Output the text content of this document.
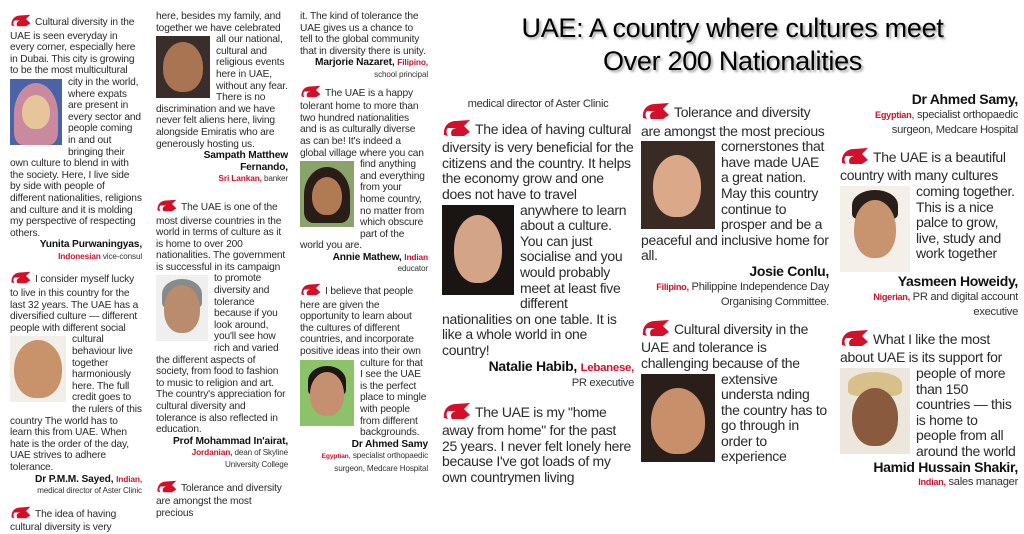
UAE: A country where cultures meet
Over 200 Nationalities
Cultural diversity in the UAE is seen everyday in every corner, especially here in Dubai. This city is growing to be the most multicultural city in the world, where expats are present in every sector and people coming in and out bringing their own culture to blend in with the society. Here, I live side by side with people of different nationalities, religions and culture and it is molding my perspective of respecting others.
Yunita Purwaningyas,
Indonesian vice-consul
I consider myself lucky to live in this country for the last 32 years. The UAE has a diversified culture — different people with different social cultural
behaviour live together harmoniously here. The full credit goes to the rulers of this country The world has to learn this from UAE. When hate is the order of the day, UAE strives to adhere tolerance.
Dr P.M.M. Sayed, Indian,
medical director of Aster Clinic
The idea of having cultural diversity is very
here, besides my family, and together we have celebrated all our national, cultural and religious events here in UAE, without any fear. There is no discrimination and we have never felt aliens here, living alongside Emiratis who are generously hosting us.
Sampath Matthew Fernando,
Sri Lankan, banker
The UAE is one of the most diverse countries in the world in terms of culture as it is home to over 200 nationalities. The government is successful in its campaign to promote
diversity and tolerance because if you look around, you'll see how rich and varied the different aspects of society, from food to fashion to music to religion and art. The country's appreciation for cultural diversity and tolerance is also reflected in education.
Prof Mohammad In'airat,
Jordanian, dean of Skyline University College
Tolerance and diversity are amongst the most precious
it. The kind of tolerance the UAE gives us a chance to tell to the global community that in diversity there is unity.
Marjorie Nazaret, Filipino,
school principal
The UAE is a happy tolerant home to more than two hundred nationalities and is as culturally diverse as can be! It's indeed a global village where you can find anything and everything from your home country, no matter from which obscure part of the world you are.
Annie Mathew, Indian
educator
I believe that people here are given the opportunity to learn about the cultures of different countries, and incorporate positive ideas into their own culture for that I see the UAE is the perfect place to mingle with people from different backgrounds.
Dr Ahmed Samy
Egyptian, specialist orthopaedic surgeon, Medcare Hospital
medical director of Aster Clinic
The idea of having cultural diversity is very beneficial for the citizens and the country. It helps the economy grow and one does not have to travel
anywhere to learn about a culture. You can just socialise and you would probably meet at least five different nationalities on one table. It is like a whole world in one country!
Natalie Habib, Lebanese,
PR executive
The UAE is my "home away from home" for the past 25 years. I never felt lonely here because I've got loads of my own countrymen living
Tolerance and diversity are amongst the most precious
cornerstones that have made UAE a great nation. May this country continue to prosper and be a peaceful and inclusive home for all.
Josie Conlu,
Filipino, Philippine Independence Day Organising Committee.
Cultural diversity in the UAE and tolerance is challenging because of the
extensive understa nding the country has to go through in order to experience
Dr Ahmed Samy,
Egyptian, specialist orthopaedic surgeon, Medcare Hospital
The UAE is a beautiful country with many cultures coming together. This is a nice palce to grow, live, study and work together
Yasmeen Howeidy,
Nigerian, PR and digital account executive
What I like the most about UAE is its support for people of more than 150 countries — this is home to people from all around the world
Hamid Hussain Shakir,
Indian, sales manager
